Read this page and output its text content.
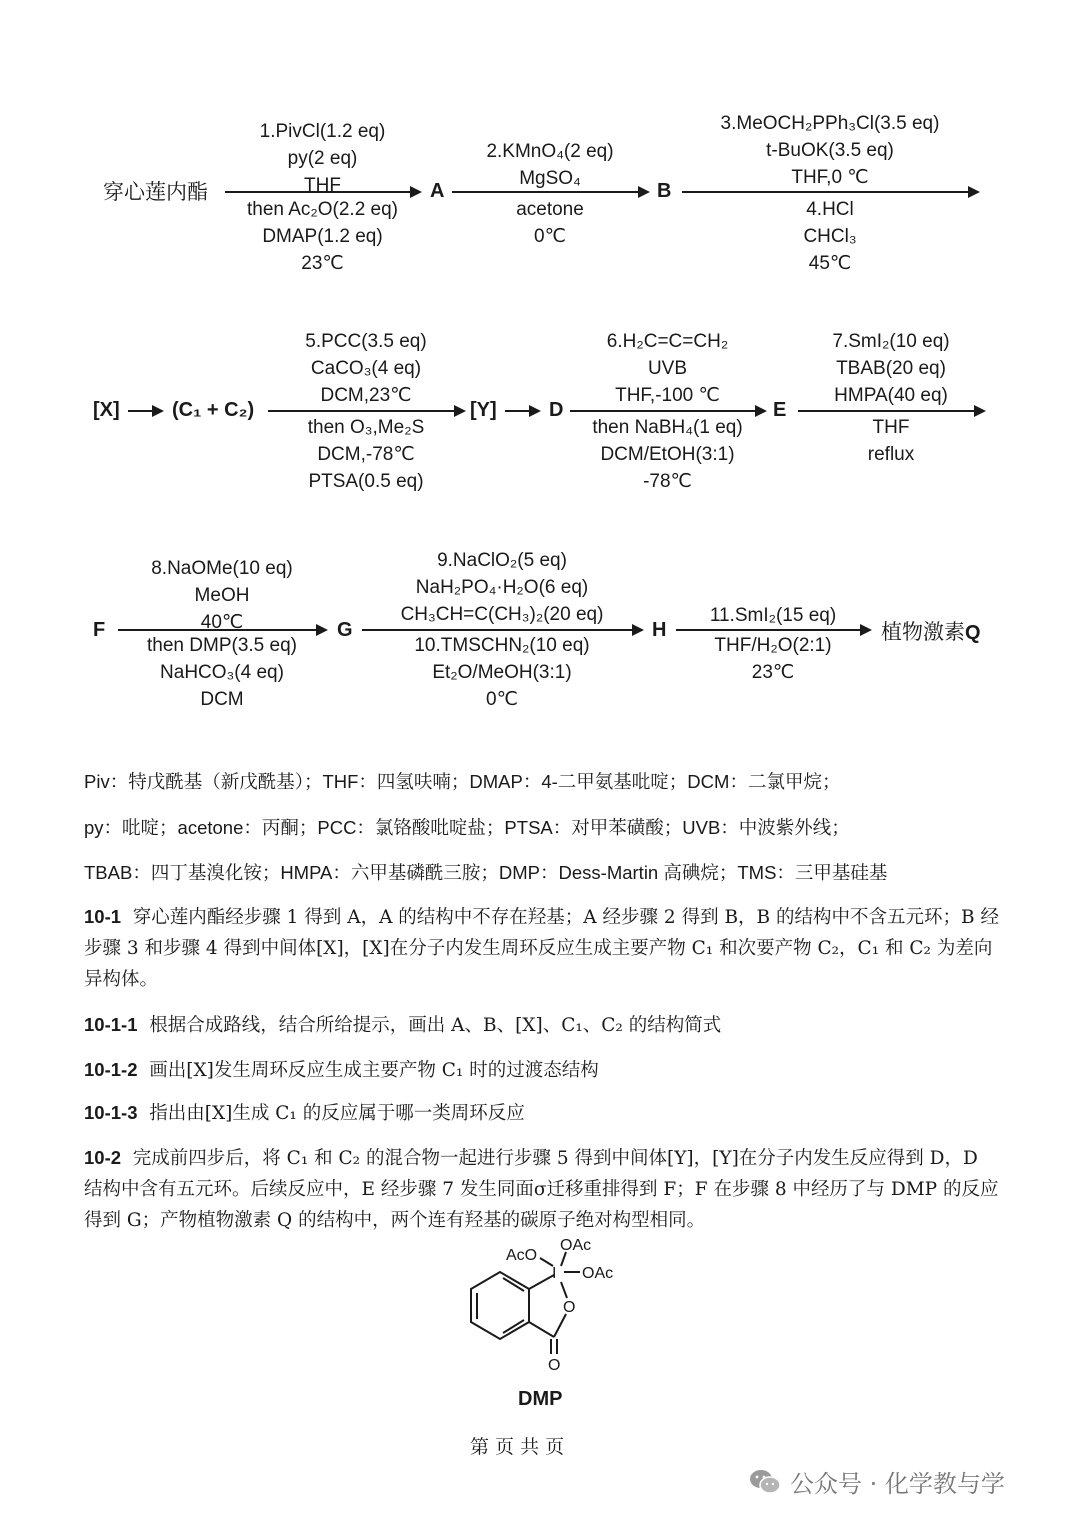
穿心莲内酯
1.PivCl(1.2 eq)
py(2 eq)
THF
then Ac₂O(2.2 eq)
DMAP(1.2 eq)
23℃
A
2.KMnO₄(2 eq)
MgSO₄
acetone
0℃
B
3.MeOCH₂PPh₃Cl(3.5 eq)
t-BuOK(3.5 eq)
THF,0 ℃
4.HCl
CHCl₃
45℃
[X]	(C₁ + C₂)
5.PCC(3.5 eq)
CaCO₃(4 eq)
DCM,23℃
then O₃,Me₂S
DCM,-78℃
PTSA(0.5 eq)
[Y]	D
6.H₂C=C=CH₂
UVB
THF,-100 ℃
then NaBH₄(1 eq)
DCM/EtOH(3:1)
-78℃
E
7.SmI₂(10 eq)
TBAB(20 eq)
HMPA(40 eq)
THF
reflux
F
8.NaOMe(10 eq)
MeOH
40℃
then DMP(3.5 eq)
NaHCO₃(4 eq)
DCM
G
9.NaClO₂(5 eq)
NaH₂PO₄·H₂O(6 eq)
CH₃CH=C(CH₃)₂(20 eq)
10.TMSCHN₂(10 eq)
Et₂O/MeOH(3:1)
0℃
H
11.SmI₂(15 eq)
THF/H₂O(2:1)
23℃
植物激素Q
Piv：特戊酰基（新戊酰基）；THF：四氢呋喃；DMAP：4-二甲氨基吡啶；DCM：二氯甲烷；
py：吡啶；acetone：丙酮；PCC：氯铬酸吡啶盐；PTSA：对甲苯磺酸；UVB：中波紫外线；
TBAB：四丁基溴化铵；HMPA：六甲基磷酰三胺；DMP：Dess-Martin 高碘烷；TMS：三甲基硅基
10-1 穿心莲内酯经步骤 1 得到 A，A 的结构中不存在羟基；A 经步骤 2 得到 B，B 的结构中不含五元环；B 经步骤 3 和步骤 4 得到中间体[X]，[X]在分子内发生周环反应生成主要产物 C₁ 和次要产物 C₂，C₁ 和 C₂ 为差向异构体。
10-1-1 根据合成路线，结合所给提示，画出 A、B、[X]、C₁、C₂ 的结构简式
10-1-2 画出[X]发生周环反应生成主要产物 C₁ 时的过渡态结构
10-1-3 指出由[X]生成 C₁ 的反应属于哪一类周环反应
10-2 完成前四步后，将 C₁ 和 C₂ 的混合物一起进行步骤 5 得到中间体[Y]，[Y]在分子内发生反应得到 D，D 结构中含有五元环。后续反应中，E 经步骤 7 发生同面σ迁移重排得到 F；F 在步骤 8 中经历了与 DMP 的反应得到 G；产物植物激素 Q 的结构中，两个连有羟基的碳原子绝对构型相同。
AcO
OAc
OAc
I
O
O
DMP
第 页 共 页
公众号 · 化学教与学
